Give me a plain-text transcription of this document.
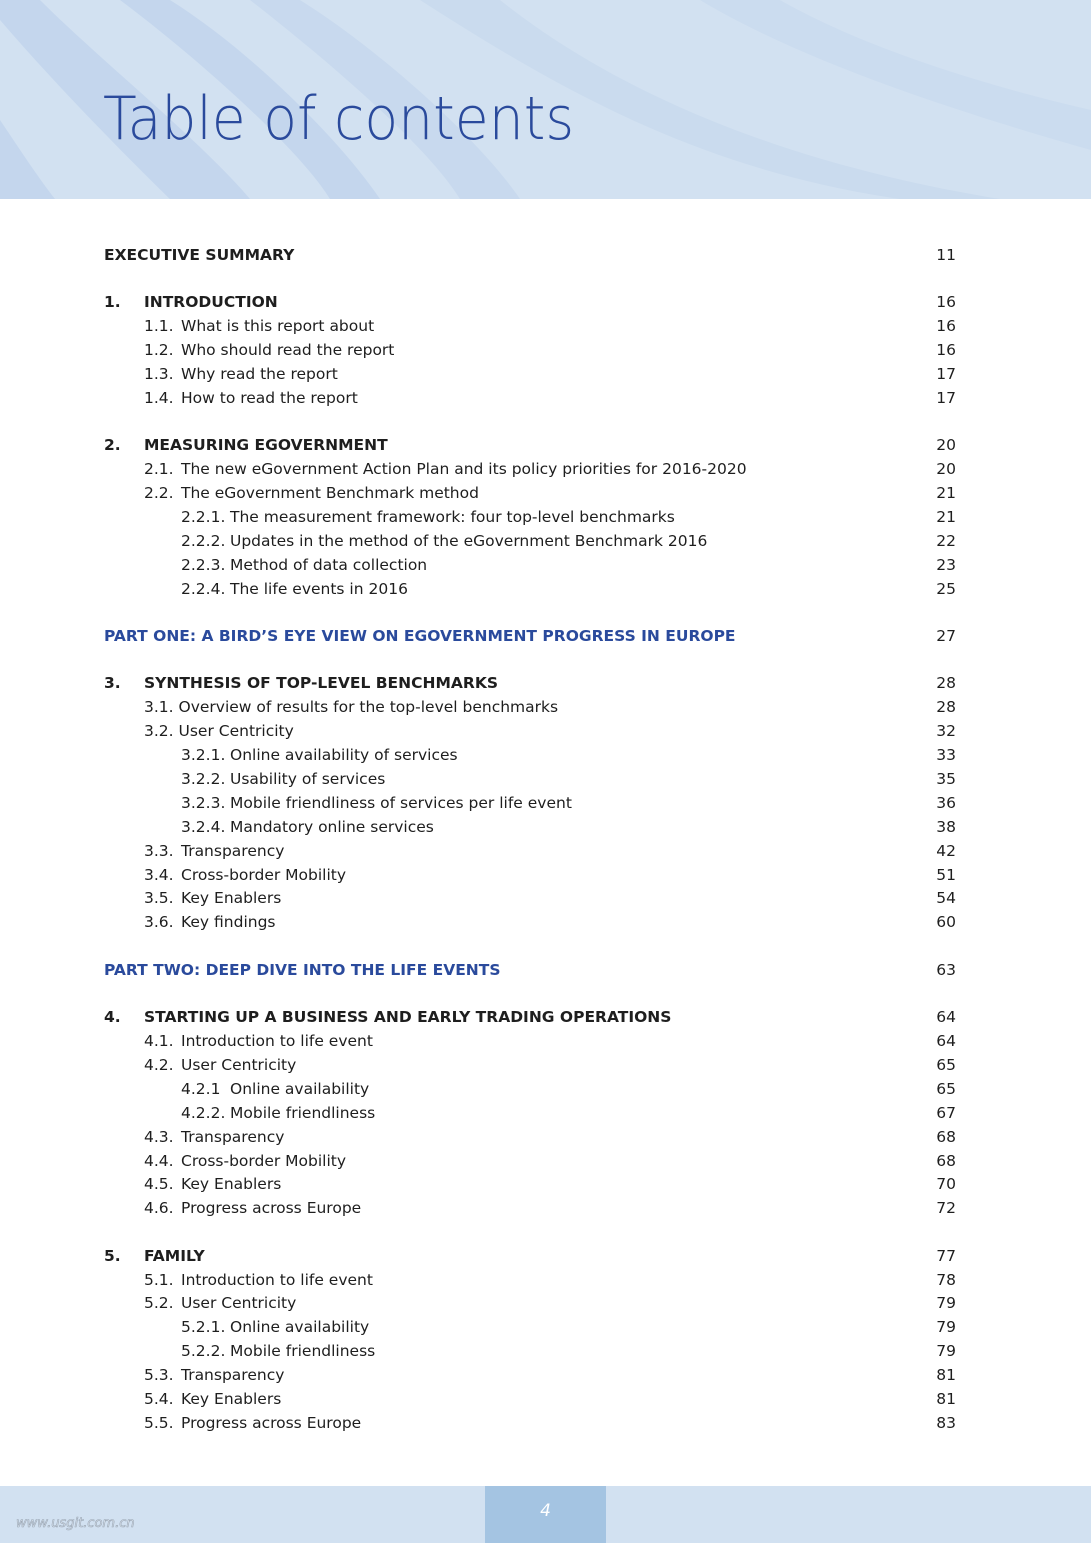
Table of contents
EXECUTIVE SUMMARY	11
1. INTRODUCTION	16
1.1. What is this report about	16
1.2. Who should read the report	16
1.3. Why read the report	17
1.4. How to read the report	17
2. MEASURING EGOVERNMENT	20
2.1. The new eGovernment Action Plan and its policy priorities for 2016-2020	20
2.2. The eGovernment Benchmark method	21
2.2.1. The measurement framework: four top-level benchmarks	21
2.2.2. Updates in the method of the eGovernment Benchmark 2016	22
2.2.3. Method of data collection	23
2.2.4. The life events in 2016	25
PART ONE: A BIRD’S EYE VIEW ON EGOVERNMENT PROGRESS IN EUROPE	27
3. SYNTHESIS OF TOP-LEVEL BENCHMARKS	28
3.1. Overview of results for the top-level benchmarks	28
3.2. User Centricity	32
3.2.1. Online availability of services	33
3.2.2. Usability of services	35
3.2.3. Mobile friendliness of services per life event	36
3.2.4. Mandatory online services	38
3.3. Transparency	42
3.4. Cross-border Mobility	51
3.5. Key Enablers	54
3.6. Key findings	60
PART TWO: DEEP DIVE INTO THE LIFE EVENTS	63
4. STARTING UP A BUSINESS AND EARLY TRADING OPERATIONS	64
4.1. Introduction to life event	64
4.2. User Centricity	65
4.2.1 Online availability	65
4.2.2. Mobile friendliness	67
4.3. Transparency	68
4.4. Cross-border Mobility	68
4.5. Key Enablers	70
4.6. Progress across Europe	72
5. FAMILY	77
5.1. Introduction to life event	78
5.2. User Centricity	79
5.2.1. Online availability	79
5.2.2. Mobile friendliness	79
5.3. Transparency	81
5.4. Key Enablers	81
5.5. Progress across Europe	83
www.usgit.com.cn
4
